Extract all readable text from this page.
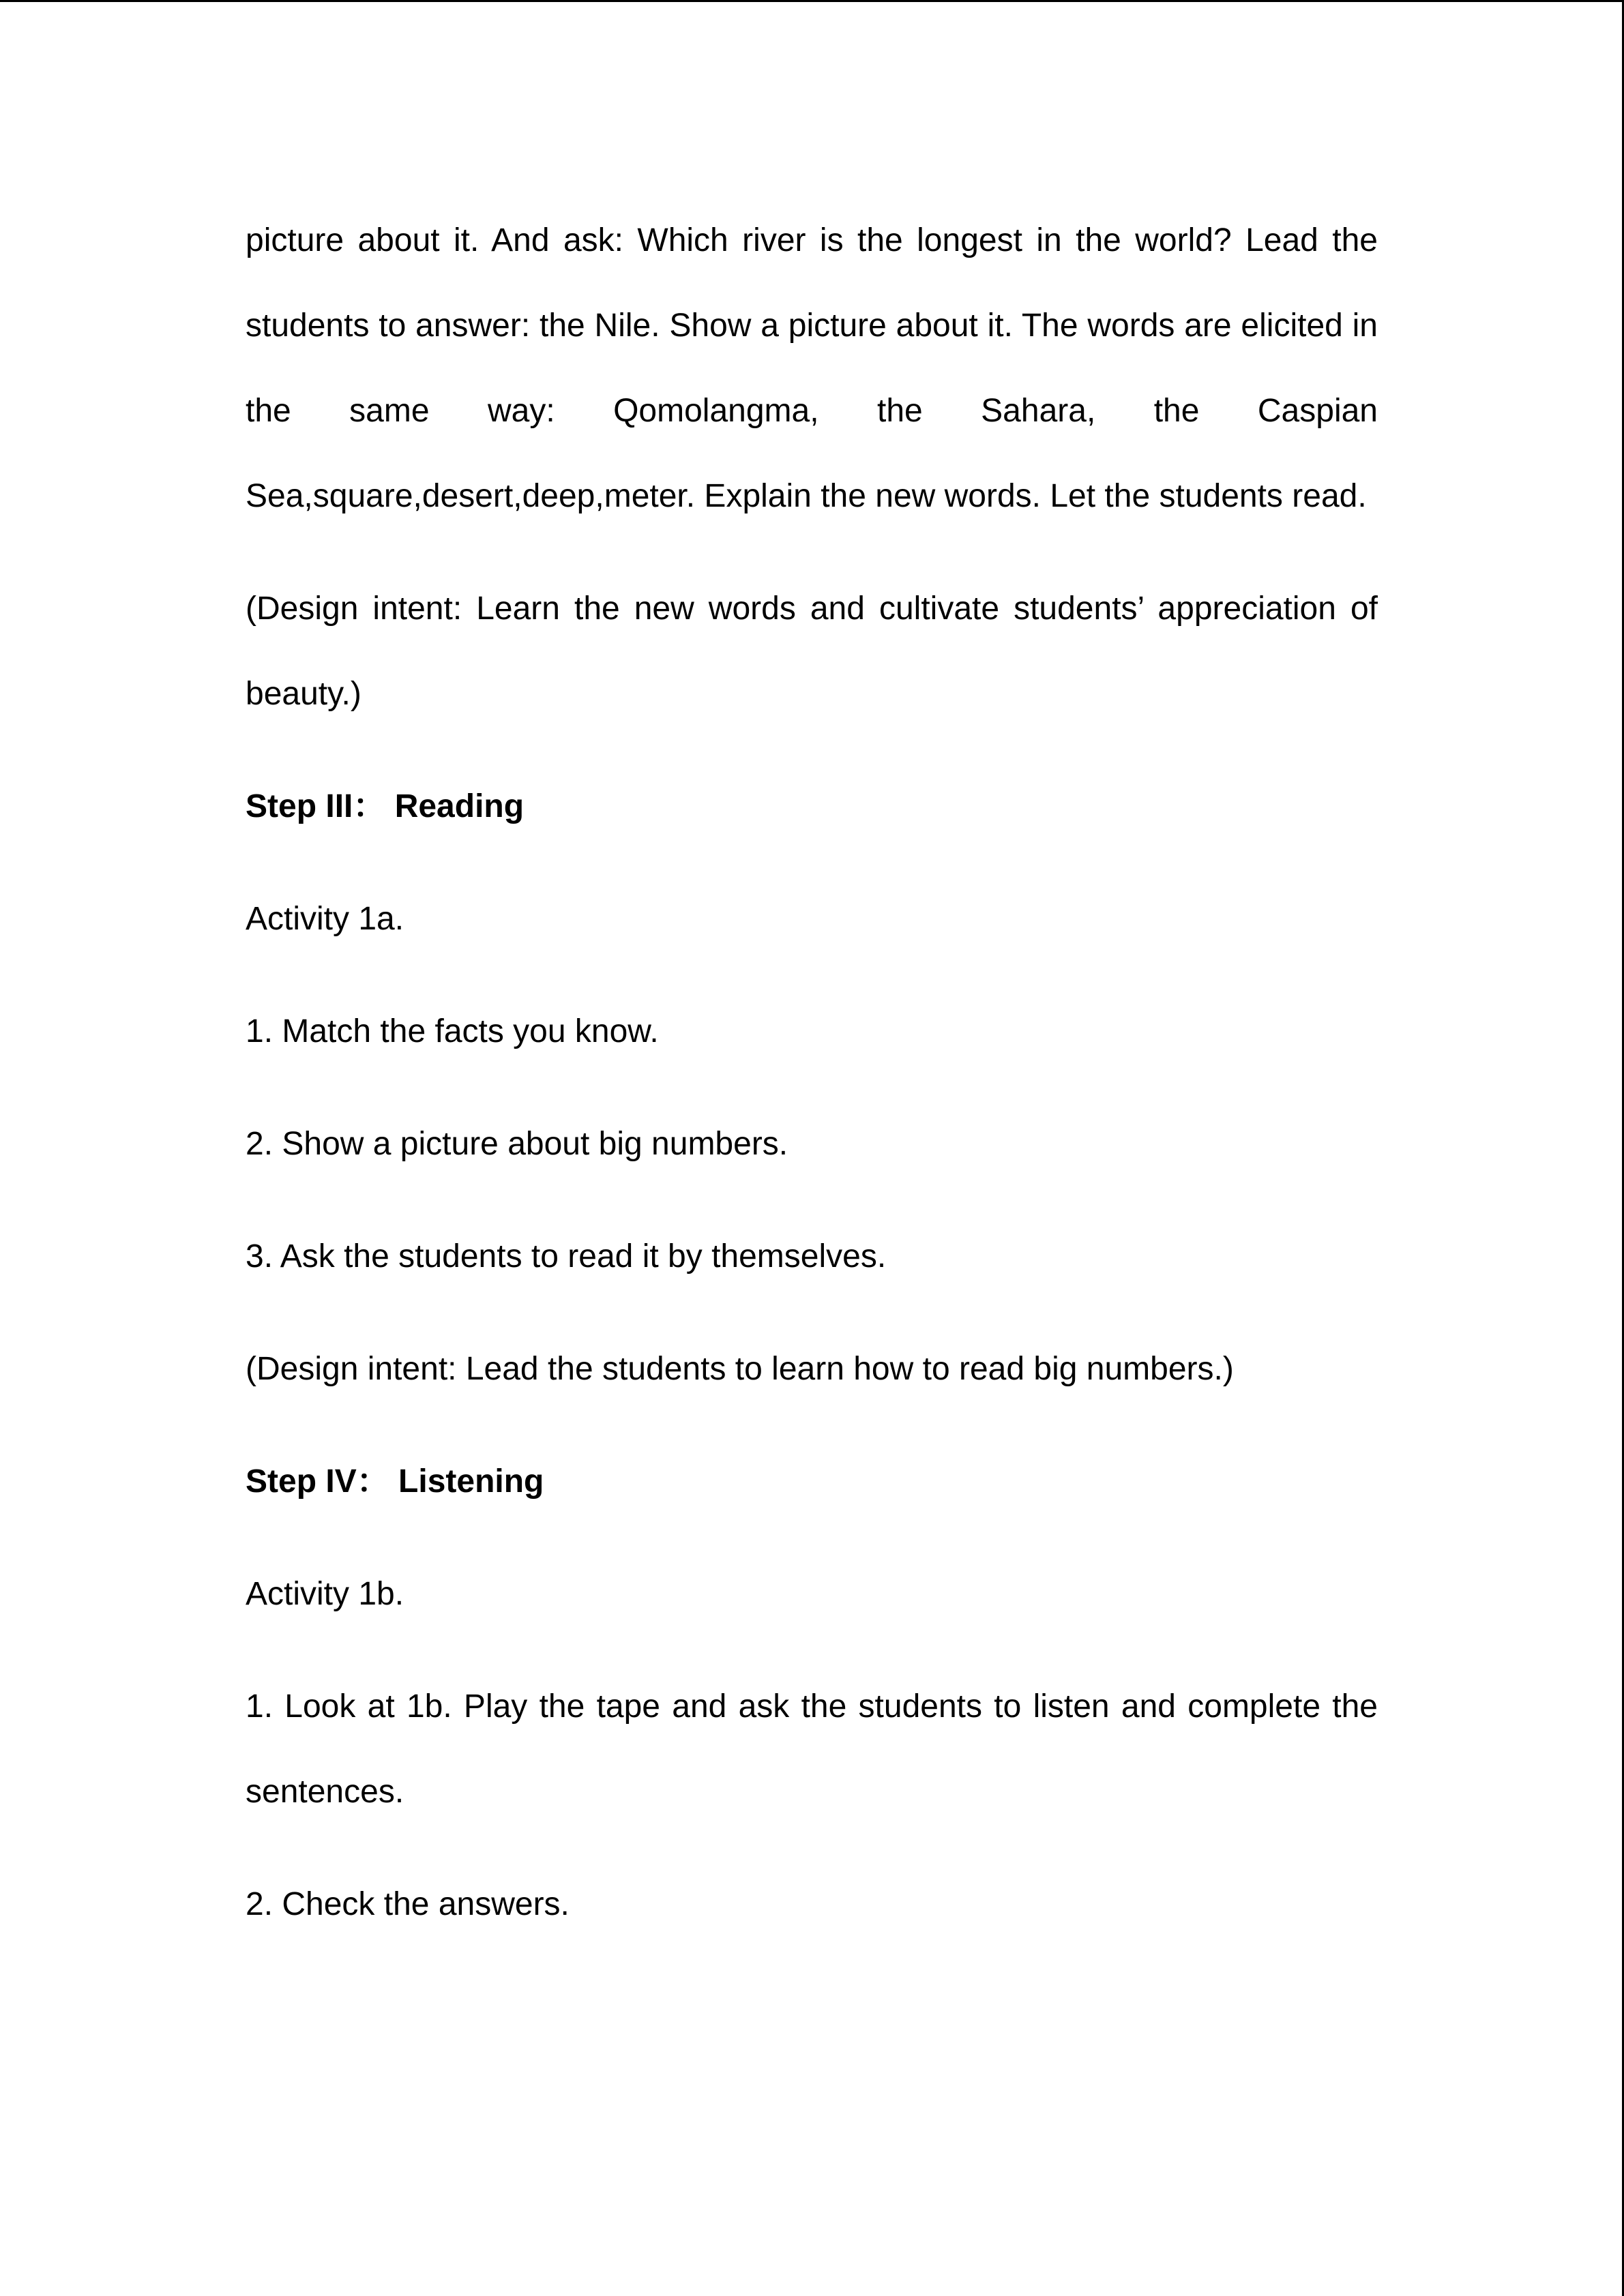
picture about it. And ask: Which river is the longest in the world? Lead the students to answer: the Nile. Show a picture about it. The words are elicited in the same way: Qomolangma, the Sahara, the Caspian Sea,square,desert,deep,meter. Explain the new words. Let the students read.

(Design intent: Learn the new words and cultivate students’ appreciation of beauty.)

Step III： Reading

Activity 1a.

1. Match the facts you know.

2. Show a picture about big numbers.

3. Ask the students to read it by themselves.

(Design intent: Lead the students to learn how to read big numbers.)

Step IV： Listening

Activity 1b.

1. Look at 1b. Play the tape and ask the students to listen and complete the sentences.

2. Check the answers.
